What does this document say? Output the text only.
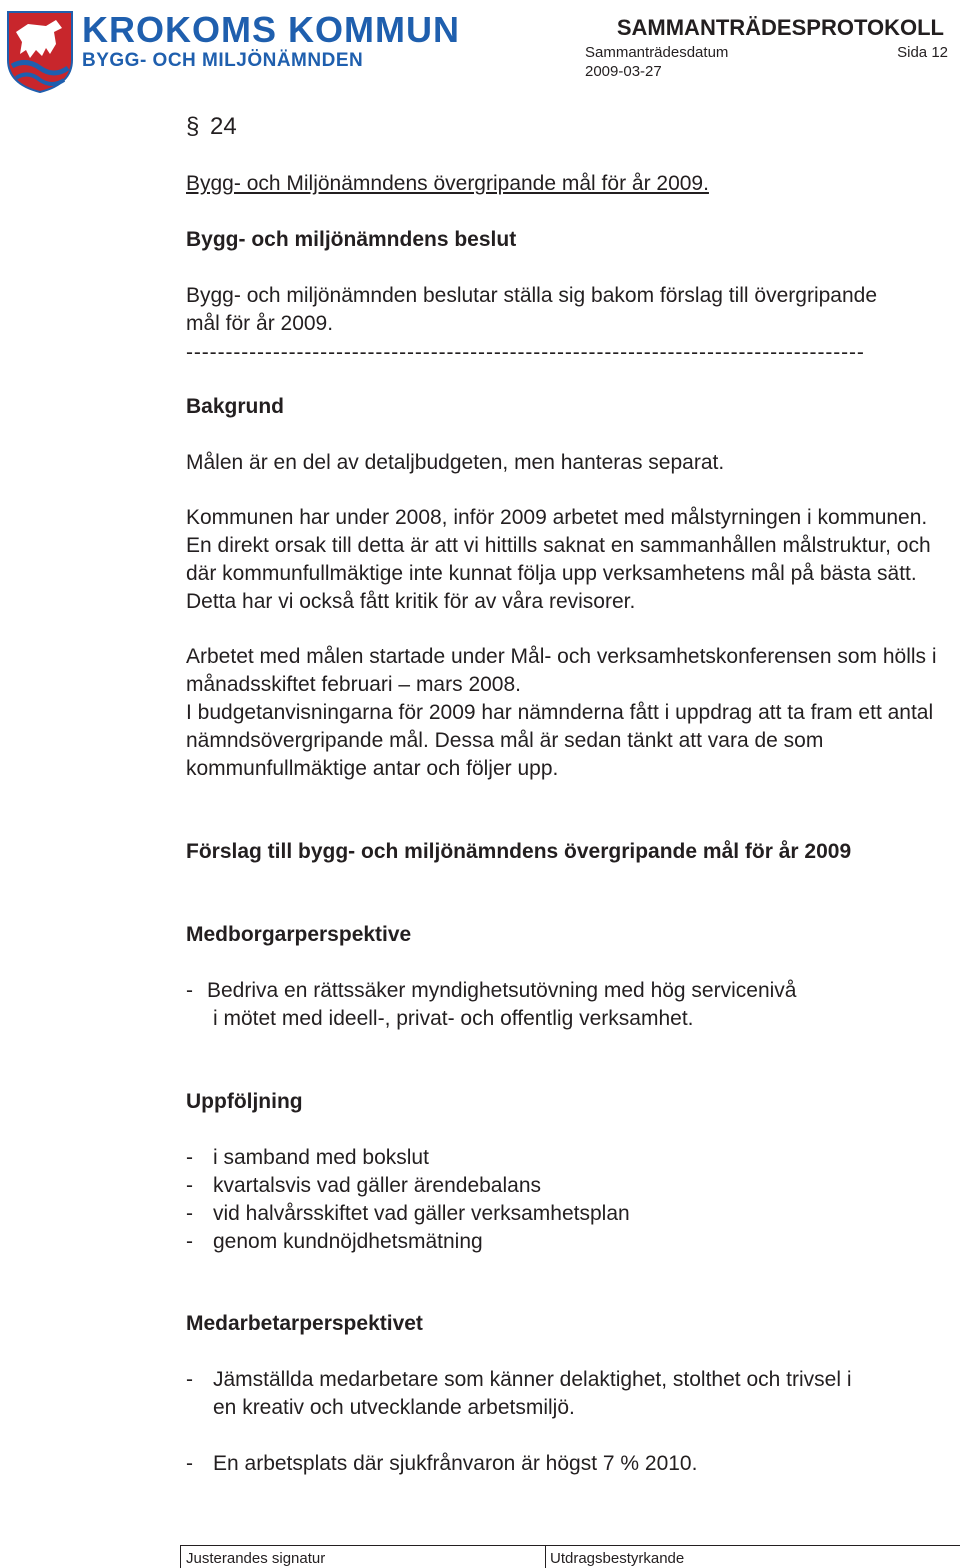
KROKOMS KOMMUN
BYGG- OCH MILJÖNÄMNDEN
SAMMANTRÄDESPROTOKOLL
Sammanträdesdatum	Sida 12
2009-03-27
§ 24
Bygg- och Miljönämndens övergripande mål för år 2009.
Bygg- och miljönämndens beslut
Bygg- och miljönämnden beslutar ställa sig bakom förslag till övergripande mål för år 2009.
--------------------------------------------------------------------------------------
Bakgrund
Målen är en del av detaljbudgeten, men hanteras separat.
Kommunen har under 2008, inför 2009 arbetet med målstyrningen i kommunen. En direkt orsak till detta är att vi hittills saknat en sammanhållen målstruktur, och där kommunfullmäktige inte kunnat följa upp verksamhetens mål på bästa sätt. Detta har vi också fått kritik för av våra revisorer.
Arbetet med målen startade under Mål- och verksamhetskonferensen som hölls i månadsskiftet februari – mars 2008.
I budgetanvisningarna för 2009 har nämnderna fått i uppdrag att ta fram ett antal nämndsövergripande mål. Dessa mål är sedan tänkt att vara de som kommunfullmäktige antar och följer upp.
Förslag till bygg- och miljönämndens övergripande mål för år 2009
Medborgarperspektive
- Bedriva en rättssäker myndighetsutövning med hög servicenivå
i mötet med ideell-, privat- och offentlig verksamhet.
Uppföljning
- i samband med bokslut
- kvartalsvis vad gäller ärendebalans
- vid halvårsskiftet vad gäller verksamhetsplan
- genom kundnöjdhetsmätning
Medarbetarperspektivet
- Jämställda medarbetare som känner delaktighet, stolthet och trivsel i
en kreativ och utvecklande arbetsmiljö.
- En arbetsplats där sjukfrånvaron är högst 7 % 2010.
Justerandes signatur	Utdragsbestyrkande
